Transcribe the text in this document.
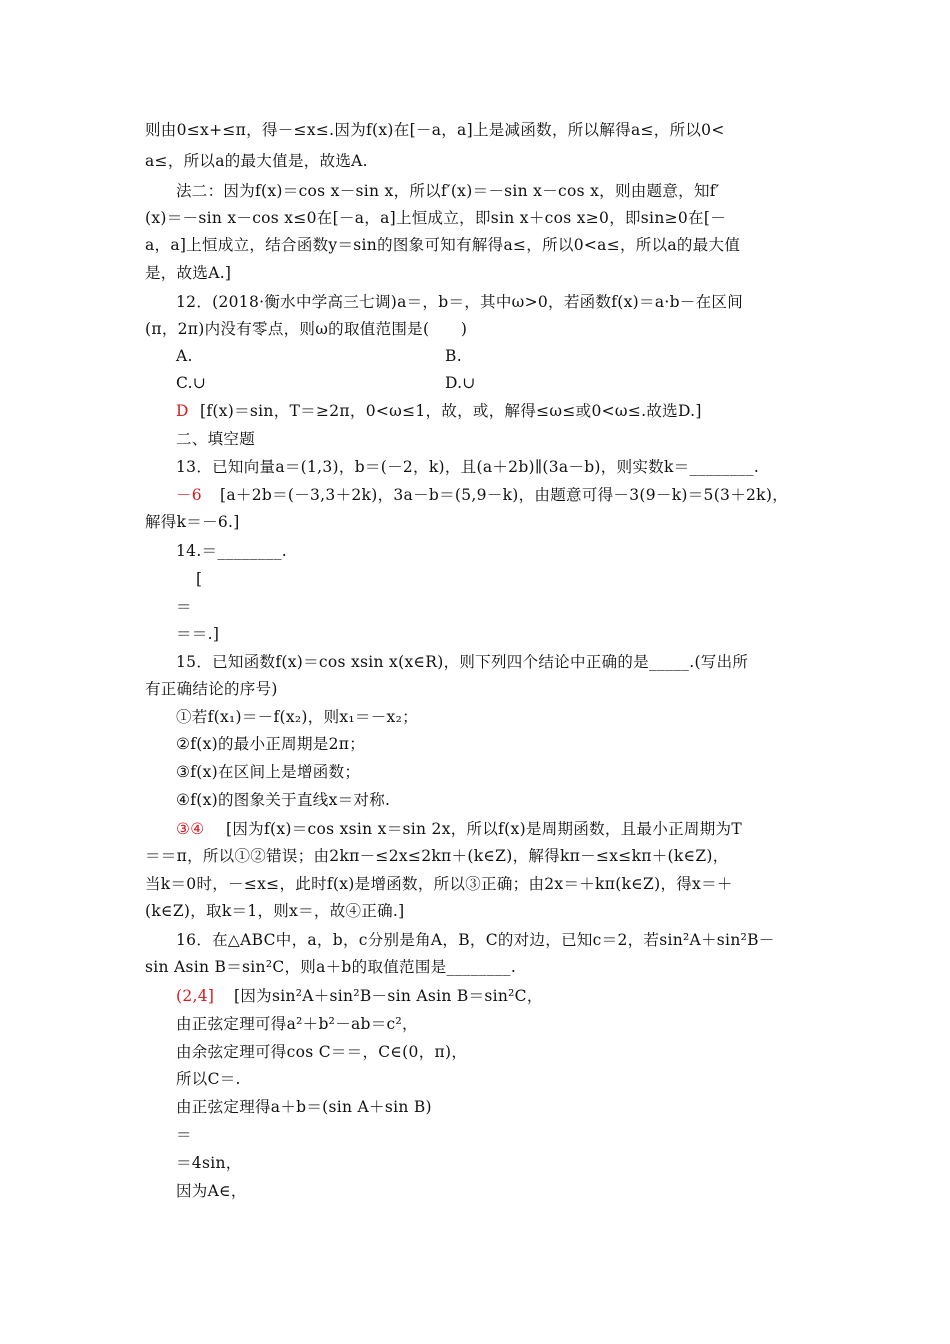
则由0≤x+≤π，得－≤x≤.因为f(x)在[－a，a]上是减函数，所以解得a≤，所以0<
a≤，所以a的最大值是，故选A.
法二：因为f(x)＝cos x－sin x，所以f′(x)＝－sin x－cos x，则由题意，知f′
(x)＝－sin x－cos x≤0在[－a，a]上恒成立，即sin x＋cos x≥0，即sin≥0在[－
a，a]上恒成立，结合函数y＝sin的图象可知有解得a≤，所以0<a≤，所以a的最大值
是，故选A.]
12．(2018·衡水中学高三七调)a＝，b＝，其中ω>0，若函数f(x)＝a·b－在区间
(π，2π)内没有零点，则ω的取值范围是(　　)
A.	B.
C.∪	D.∪
D [f(x)＝sin，T＝≥2π，0<ω≤1，故，或，解得≤ω≤或0<ω≤.故选D.]
二、填空题
13．已知向量a＝(1,3)，b＝(－2，k)，且(a＋2b)∥(3a－b)，则实数k＝________.
－6 [a＋2b＝(－3,3＋2k)，3a－b＝(5,9－k)，由题意可得－3(9－k)＝5(3＋2k)，
解得k＝－6.]
14.＝________.
[
＝
＝＝.]
15．已知函数f(x)＝cos xsin x(x∈R)，则下列四个结论中正确的是_____.(写出所
有正确结论的序号)
①若f(x₁)＝－f(x₂)，则x₁＝－x₂；
②f(x)的最小正周期是2π；
③f(x)在区间上是增函数；
④f(x)的图象关于直线x＝对称.
③④ [因为f(x)＝cos xsin x＝sin 2x，所以f(x)是周期函数，且最小正周期为T
＝＝π，所以①②错误；由2kπ－≤2x≤2kπ＋(k∈Z)，解得kπ－≤x≤kπ＋(k∈Z)，
当k＝0时，－≤x≤，此时f(x)是增函数，所以③正确；由2x＝＋kπ(k∈Z)，得x＝＋
(k∈Z)，取k＝1，则x＝，故④正确.]
16．在△ABC中，a，b，c分别是角A，B，C的对边，已知c＝2，若sin²A＋sin²B－
sin Asin B＝sin²C，则a＋b的取值范围是________.
(2,4] [因为sin²A＋sin²B－sin Asin B＝sin²C，
由正弦定理可得a²＋b²－ab＝c²，
由余弦定理可得cos C＝＝，C∈(0，π)，
所以C＝.
由正弦定理得a＋b＝(sin A＋sin B)
＝
＝4sin，
因为A∈，
